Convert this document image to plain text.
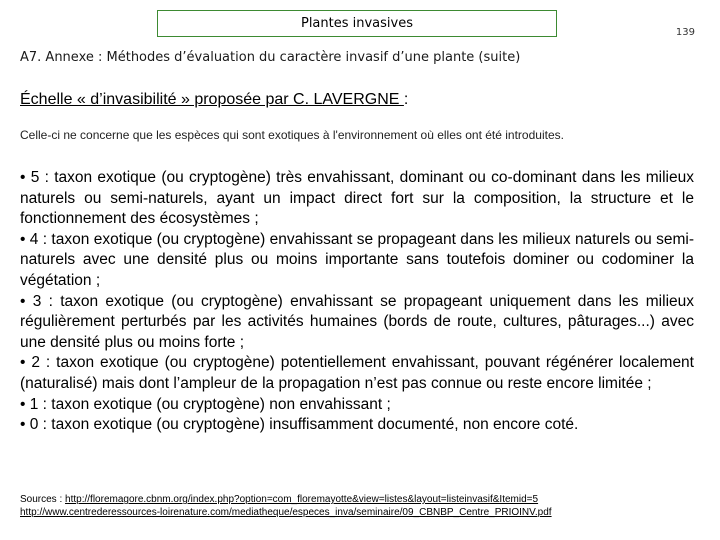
Plantes invasives
139
A7. Annexe : Méthodes d’évaluation du caractère invasif d’une plante (suite)
Échelle « d’invasibilité » proposée par C. LAVERGNE :
Celle-ci ne concerne que les espèces qui sont exotiques à l'environnement où elles ont été introduites.

• 5 : taxon exotique (ou cryptogène) très envahissant, dominant ou co-dominant dans les milieux naturels ou semi-naturels, ayant un impact direct fort sur la composition, la structure et le fonctionnement des écosystèmes ;

• 4 : taxon exotique (ou cryptogène) envahissant se propageant dans les milieux naturels ou semi-naturels avec une densité plus ou moins importante sans toutefois dominer ou codominer la végétation ;

• 3 : taxon exotique (ou cryptogène) envahissant se propageant uniquement dans les milieux régulièrement perturbés par les activités humaines (bords de route, cultures, pâturages...) avec une densité plus ou moins forte ;

• 2 : taxon exotique (ou cryptogène) potentiellement envahissant, pouvant régénérer localement (naturalisé) mais dont l’ampleur de la propagation n’est pas connue ou reste encore limitée ;

• 1 : taxon exotique (ou cryptogène) non envahissant ;

• 0 : taxon exotique (ou cryptogène) insuffisamment documenté, non encore coté.

Sources : http://floremagore.cbnm.org/index.php?option=com_floremayotte&view=listes&layout=listeinvasif&Itemid=5
http://www.centrederessources-loirenature.com/mediatheque/especes_inva/seminaire/09_CBNBP_Centre_PRIOINV.pdf
